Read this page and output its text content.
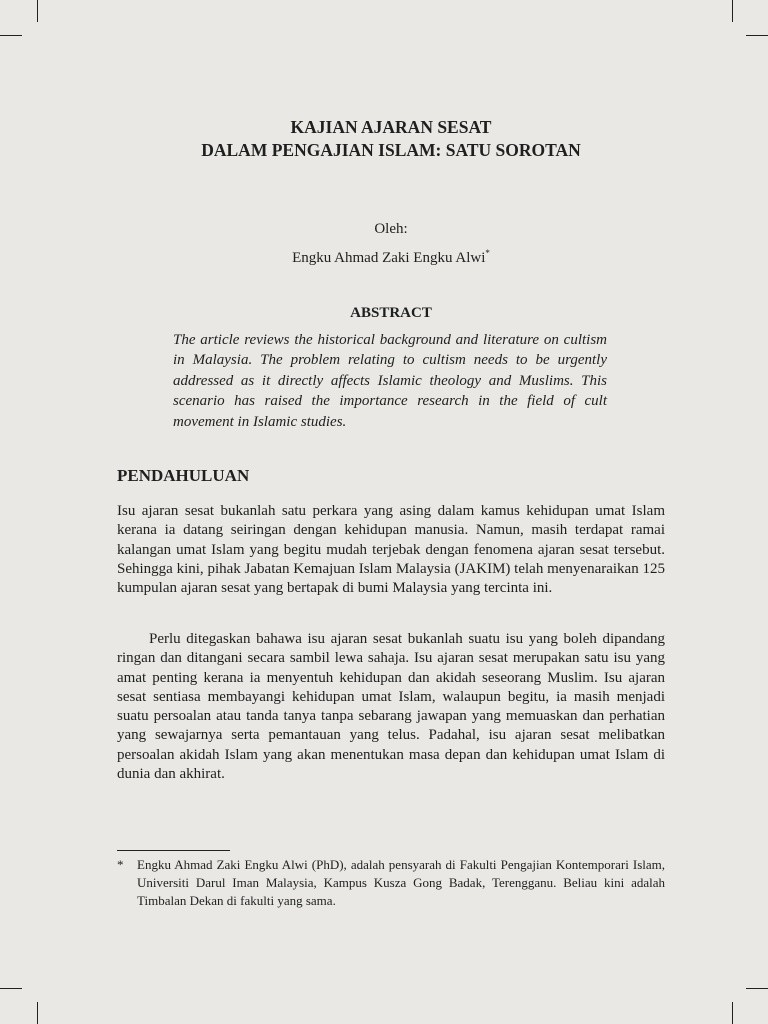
KAJIAN AJARAN SESAT
DALAM PENGAJIAN ISLAM: SATU SOROTAN
Oleh:
Engku Ahmad Zaki Engku Alwi*
ABSTRACT
The article reviews the historical background and literature on cultism in Malaysia. The problem relating to cultism needs to be urgently addressed as it directly affects Islamic theology and Muslims. This scenario has raised the importance research in the field of cult movement in Islamic studies.
PENDAHULUAN
Isu ajaran sesat bukanlah satu perkara yang asing dalam kamus kehidupan umat Islam kerana ia datang seiringan dengan kehidupan manusia. Namun, masih terdapat ramai kalangan umat Islam yang begitu mudah terjebak dengan fenomena ajaran sesat tersebut. Sehingga kini, pihak Jabatan Kemajuan Islam Malaysia (JAKIM) telah menyenaraikan 125 kumpulan ajaran sesat yang bertapak di bumi Malaysia yang tercinta ini.
Perlu ditegaskan bahawa isu ajaran sesat bukanlah suatu isu yang boleh dipandang ringan dan ditangani secara sambil lewa sahaja. Isu ajaran sesat merupakan satu isu yang amat penting kerana ia menyentuh kehidupan dan akidah seseorang Muslim. Isu ajaran sesat sentiasa membayangi kehidupan umat Islam, walaupun begitu, ia masih menjadi suatu persoalan atau tanda tanya tanpa sebarang jawapan yang memuaskan dan perhatian yang sewajarnya serta pemantauan yang telus. Padahal, isu ajaran sesat melibatkan persoalan akidah Islam yang akan menentukan masa depan dan kehidupan umat Islam di dunia dan akhirat.
* Engku Ahmad Zaki Engku Alwi (PhD), adalah pensyarah di Fakulti Pengajian Kontemporari Islam, Universiti Darul Iman Malaysia, Kampus Kusza Gong Badak, Terengganu. Beliau kini adalah Timbalan Dekan di fakulti yang sama.
